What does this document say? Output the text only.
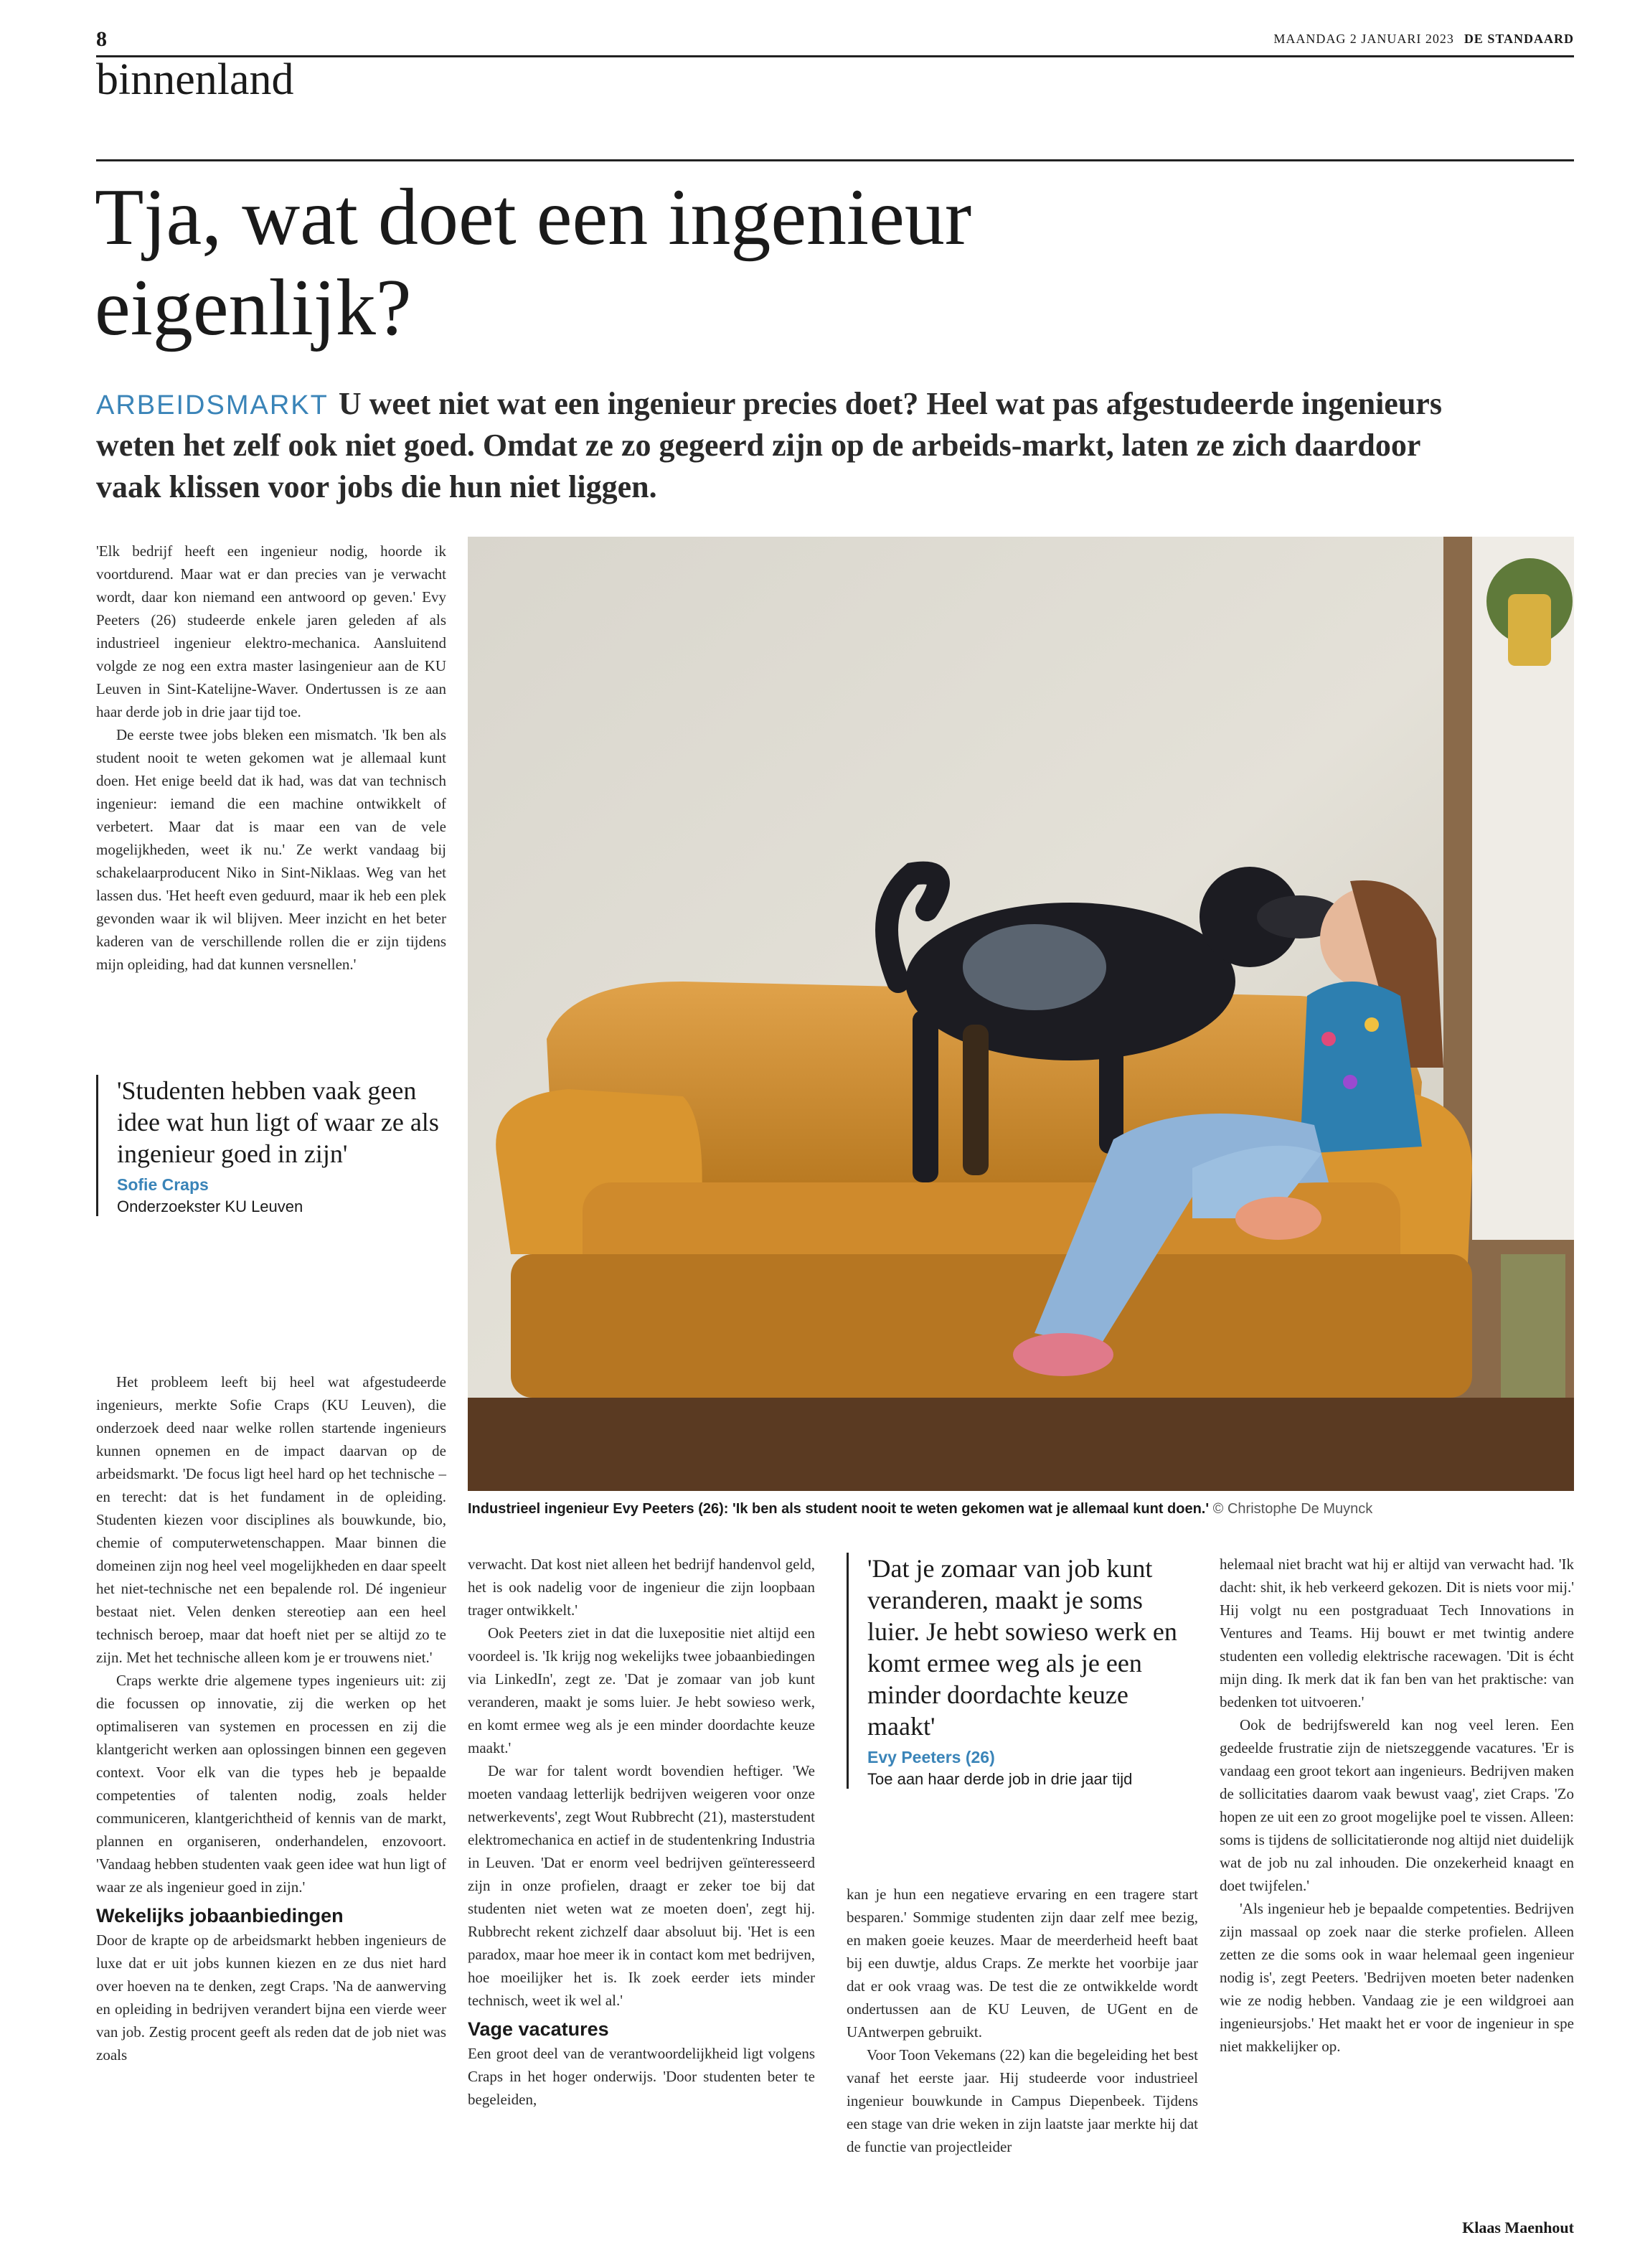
8	MAANDAG 2 JANUARI 2023 DE STANDAARD
binnenland
Tja, wat doet een ingenieur eigenlijk?
ARBEIDSMARKT U weet niet wat een ingenieur precies doet? Heel wat pas afgestudeerde ingenieurs weten het zelf ook niet goed. Omdat ze zo gegeerd zijn op de arbeids-markt, laten ze zich daardoor vaak klissen voor jobs die hun niet liggen.

'Elk bedrijf heeft een ingenieur nodig, hoorde ik voortdurend. Maar wat er dan precies van je verwacht wordt, daar kon niemand een antwoord op geven.' Evy Peeters (26) studeerde enkele jaren geleden af als industrieel ingenieur elektro-mechanica. Aansluitend volgde ze nog een extra master lasingenieur aan de KU Leuven in Sint-Katelijne-Waver. Ondertussen is ze aan haar derde job in drie jaar tijd toe.

De eerste twee jobs bleken een mismatch. 'Ik ben als student nooit te weten gekomen wat je allemaal kunt doen. Het enige beeld dat ik had, was dat van technisch ingenieur: iemand die een machine ontwikkelt of verbetert. Maar dat is maar een van de vele mogelijkheden, weet ik nu.' Ze werkt vandaag bij schakelaarproducent Niko in Sint-Niklaas. Weg van het lassen dus. 'Het heeft even geduurd, maar ik heb een plek gevonden waar ik wil blijven. Meer inzicht en het beter kaderen van de verschillende rollen die er zijn tijdens mijn opleiding, had dat kunnen versnellen.'

'Studenten hebben vaak geen idee wat hun ligt of waar ze als ingenieur goed in zijn'
Sofie Craps
Onderzoekster KU Leuven

Het probleem leeft bij heel wat afgestudeerde ingenieurs, merkte Sofie Craps (KU Leuven), die onderzoek deed naar welke rollen startende ingenieurs kunnen opnemen en de impact daarvan op de arbeidsmarkt. 'De focus ligt heel hard op het technische – en terecht: dat is het fundament in de opleiding. Studenten kiezen voor disciplines als bouwkunde, bio, chemie of computerwetenschappen. Maar binnen die domeinen zijn nog heel veel mogelijkheden en daar speelt het niet-technische net een bepalende rol. Dé ingenieur bestaat niet. Velen denken stereotiep aan een heel technisch beroep, maar dat hoeft niet per se altijd zo te zijn. Met het technische alleen kom je er trouwens niet.'

Craps werkte drie algemene types ingenieurs uit: zij die focussen op innovatie, zij die werken op het optimaliseren van systemen en processen en zij die klantgericht werken aan oplossingen binnen een gegeven context. Voor elk van die types heb je bepaalde competenties of talenten nodig, zoals helder communiceren, klantgerichtheid of kennis van de markt, plannen en organiseren, onderhandelen, enzovoort. 'Vandaag hebben studenten vaak geen idee wat hun ligt of waar ze als ingenieur goed in zijn.'

Wekelijks jobaanbiedingen

Door de krapte op de arbeidsmarkt hebben ingenieurs de luxe dat er uit jobs kunnen kiezen en ze dus niet hard over hoeven na te denken, zegt Craps. 'Na de aanwerving en opleiding in bedrijven verandert bijna een vierde weer van job. Zestig procent geeft als reden dat de job niet was zoals

Industrieel ingenieur Evy Peeters (26): 'Ik ben als student nooit te weten gekomen wat je allemaal kunt doen.' © Christophe De Muynck

verwacht. Dat kost niet alleen het bedrijf handenvol geld, het is ook nadelig voor de ingenieur die zijn loopbaan trager ontwikkelt.'

Ook Peeters ziet in dat die luxepositie niet altijd een voordeel is. 'Ik krijg nog wekelijks twee jobaanbiedingen via LinkedIn', zegt ze. 'Dat je zomaar van job kunt veranderen, maakt je soms luier. Je hebt sowieso werk, en komt ermee weg als je een minder doordachte keuze maakt.'

De war for talent wordt bovendien heftiger. 'We moeten vandaag letterlijk bedrijven weigeren voor onze netwerkevents', zegt Wout Rubbrecht (21), masterstudent elektromechanica en actief in de studentenkring Industria in Leuven. 'Dat er enorm veel bedrijven geïnteresseerd zijn in onze profielen, draagt er zeker toe bij dat studenten niet weten wat ze moeten doen', zegt hij. Rubbrecht rekent zichzelf daar absoluut bij. 'Het is een paradox, maar hoe meer ik in contact kom met bedrijven, hoe moeilijker het is. Ik zoek eerder iets minder technisch, weet ik wel al.'

Vage vacatures

Een groot deel van de verantwoordelijkheid ligt volgens Craps in het hoger onderwijs. 'Door studenten beter te begeleiden,

'Dat je zomaar van job kunt veranderen, maakt je soms luier. Je hebt sowieso werk en komt ermee weg als je een minder doordachte keuze maakt'
Evy Peeters (26)
Toe aan haar derde job in drie jaar tijd

kan je hun een negatieve ervaring en een tragere start besparen.' Sommige studenten zijn daar zelf mee bezig, en maken goeie keuzes. Maar de meerderheid heeft baat bij een duwtje, aldus Craps. Ze merkte het voorbije jaar dat er ook vraag was. De test die ze ontwikkelde wordt ondertussen aan de KU Leuven, de UGent en de UAntwerpen gebruikt.

Voor Toon Vekemans (22) kan die begeleiding het best vanaf het eerste jaar. Hij studeerde voor industrieel ingenieur bouwkunde in Campus Diepenbeek. Tijdens een stage van drie weken in zijn laatste jaar merkte hij dat de functie van projectleider

helemaal niet bracht wat hij er altijd van verwacht had. 'Ik dacht: shit, ik heb verkeerd gekozen. Dit is niets voor mij.' Hij volgt nu een postgraduaat Tech Innovations in Ventures and Teams. Hij bouwt er met twintig andere studenten een volledig elektrische racewagen. 'Dit is écht mijn ding. Ik merk dat ik fan ben van het praktische: van bedenken tot uitvoeren.'

Ook de bedrijfswereld kan nog veel leren. Een gedeelde frustratie zijn de nietszeggende vacatures. 'Er is vandaag een groot tekort aan ingenieurs. Bedrijven maken de sollicitaties daarom vaak bewust vaag', ziet Craps. 'Zo hopen ze uit een zo groot mogelijke poel te vissen. Alleen: soms is tijdens de sollicitatieronde nog altijd niet duidelijk wat de job nu zal inhouden. Die onzekerheid knaagt en doet twijfelen.'

'Als ingenieur heb je bepaalde competenties. Bedrijven zijn massaal op zoek naar die sterke profielen. Alleen zetten ze die soms ook in waar helemaal geen ingenieur nodig is', zegt Peeters. 'Bedrijven moeten beter nadenken wie ze nodig hebben. Vandaag zie je een wildgroei aan ingenieursjobs.' Het maakt het er voor de ingenieur in spe niet makkelijker op.

Klaas Maenhout
